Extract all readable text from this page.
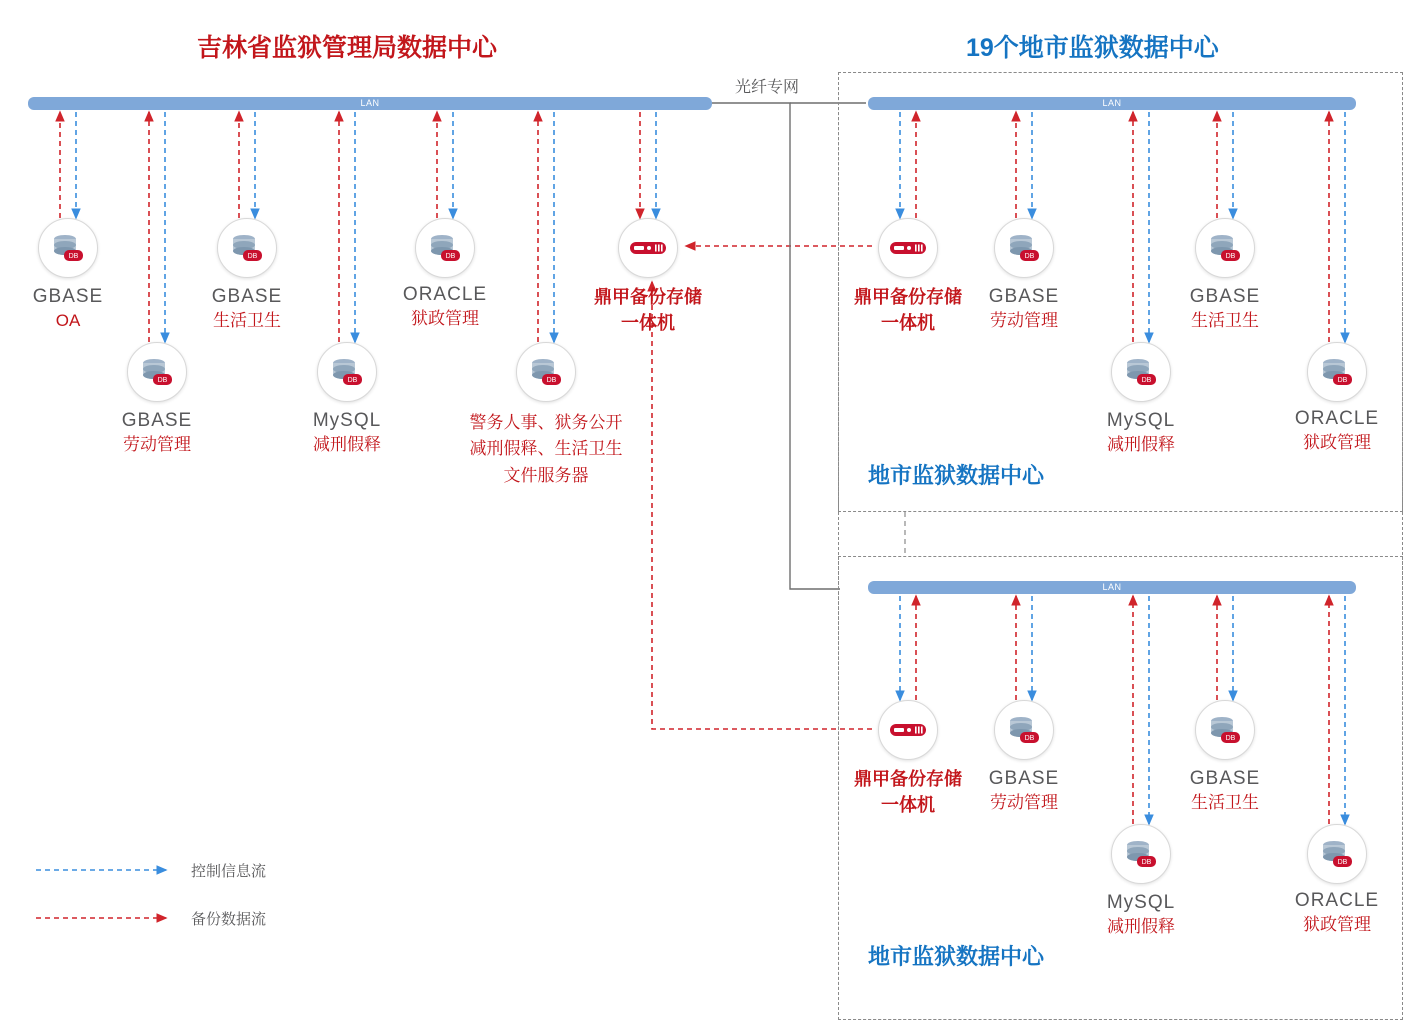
吉林省监狱管理局数据中心	19个地市监狱数据中心
光纤专网
地市监狱数据中心
地市监狱数据中心
LAN	LAN
LAN
DB
GBASE
OA
DB
GBASE
劳动管理
DB
GBASE
生活卫生
DB
MySQL
减刑假释
DB
ORACLE
狱政管理
DB
警务人事、狱务公开
减刑假释、生活卫生
文件服务器
鼎甲备份存储
一体机
鼎甲备份存储
一体机
DB
GBASE
劳动管理
DB
MySQL
减刑假释
DB
GBASE
生活卫生
DB
ORACLE
狱政管理
鼎甲备份存储
一体机
DB
GBASE
劳动管理
DB
MySQL
减刑假释
DB
GBASE
生活卫生
DB
ORACLE
狱政管理
控制信息流
备份数据流
